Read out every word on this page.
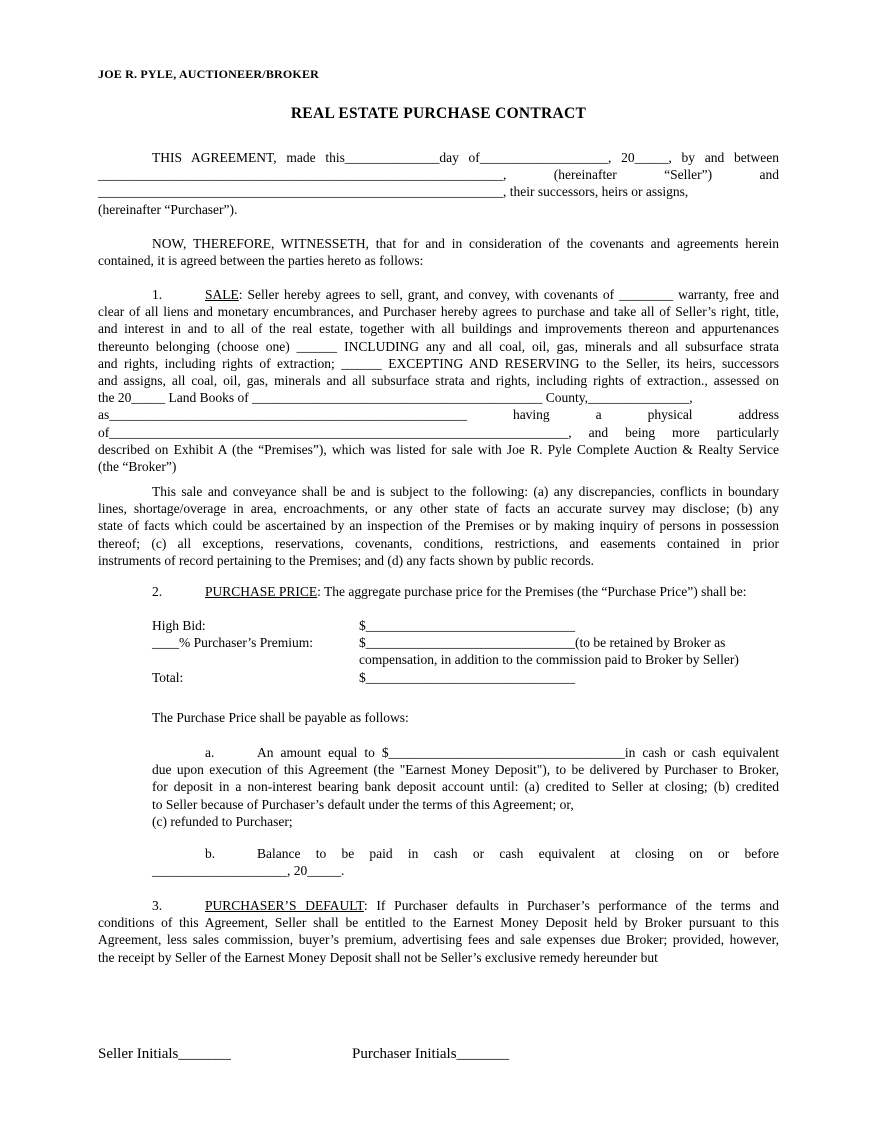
JOE R. PYLE, AUCTIONEER/BROKER
REAL ESTATE PURCHASE CONTRACT
THIS AGREEMENT, made this______________day of___________________, 20_____, by and between
____________________________________________________________, (hereinafter “Seller”) and
____________________________________________________________, their successors, heirs or assigns,
(hereinafter “Purchaser”).
NOW, THEREFORE, WITNESSETH, that for and in consideration of the covenants and agreements herein
contained, it is agreed between the parties hereto as follows:
1.	SALE: Seller hereby agrees to sell, grant, and convey, with covenants of ________ warranty, free and
clear of all liens and monetary encumbrances, and Purchaser hereby agrees to purchase and take all of Seller’s right, title,
and interest in and to all of the real estate, together with all buildings and improvements thereon and appurtenances
thereunto belonging (choose one) ______ INCLUDING any and all coal, oil, gas, minerals and all subsurface strata
and rights, including rights of extraction; ______ EXCEPTING AND RESERVING to the Seller, its heirs, successors
and assigns, all coal, oil, gas, minerals and all subsurface strata and rights, including rights of extraction., assessed on
the 20_____ Land Books of ___________________________________________ County,_______________,
as_____________________________________________________ having a physical address
of____________________________________________________________________, and being more particularly
described on Exhibit A (the “Premises”), which was listed for sale with Joe R. Pyle Complete Auction & Realty Service
(the “Broker”)
This sale and conveyance shall be and is subject to the following: (a) any discrepancies, conflicts in boundary
lines, shortage/overage in area, encroachments, or any other state of facts an accurate survey may disclose; (b) any
state of facts which could be ascertained by an inspection of the Premises or by making inquiry of persons in possession
thereof; (c) all exceptions, reservations, covenants, conditions, restrictions, and easements contained in prior
instruments of record pertaining to the Premises; and (d) any facts shown by public records.
2.	PURCHASE PRICE: The aggregate purchase price for the Premises (the “Purchase Price”) shall be:
High Bid:	$_______________________________
____% Purchaser’s Premium:	$_______________________________(to be retained by Broker as
compensation, in addition to the commission paid to Broker by Seller)
Total:	$_______________________________
The Purchase Price shall be payable as follows:
a.	An amount equal to $___________________________________in cash or cash equivalent
due upon execution of this Agreement (the "Earnest Money Deposit"), to be delivered by Purchaser to Broker,
for deposit in a non-interest bearing bank deposit account until: (a) credited to Seller at closing; (b) credited
to Seller because of Purchaser’s default under the terms of this Agreement; or,
(c) refunded to Purchaser;
b.	Balance to be paid in cash or cash equivalent at closing on or before
____________________, 20_____.
3.	PURCHASER’S DEFAULT: If Purchaser defaults in Purchaser’s performance of the terms and
conditions of this Agreement, Seller shall be entitled to the Earnest Money Deposit held by Broker pursuant to this
Agreement, less sales commission, buyer’s premium, advertising fees and sale expenses due Broker; provided, however,
the receipt by Seller of the Earnest Money Deposit shall not be Seller’s exclusive remedy hereunder but
Seller Initials_______	Purchaser Initials_______
